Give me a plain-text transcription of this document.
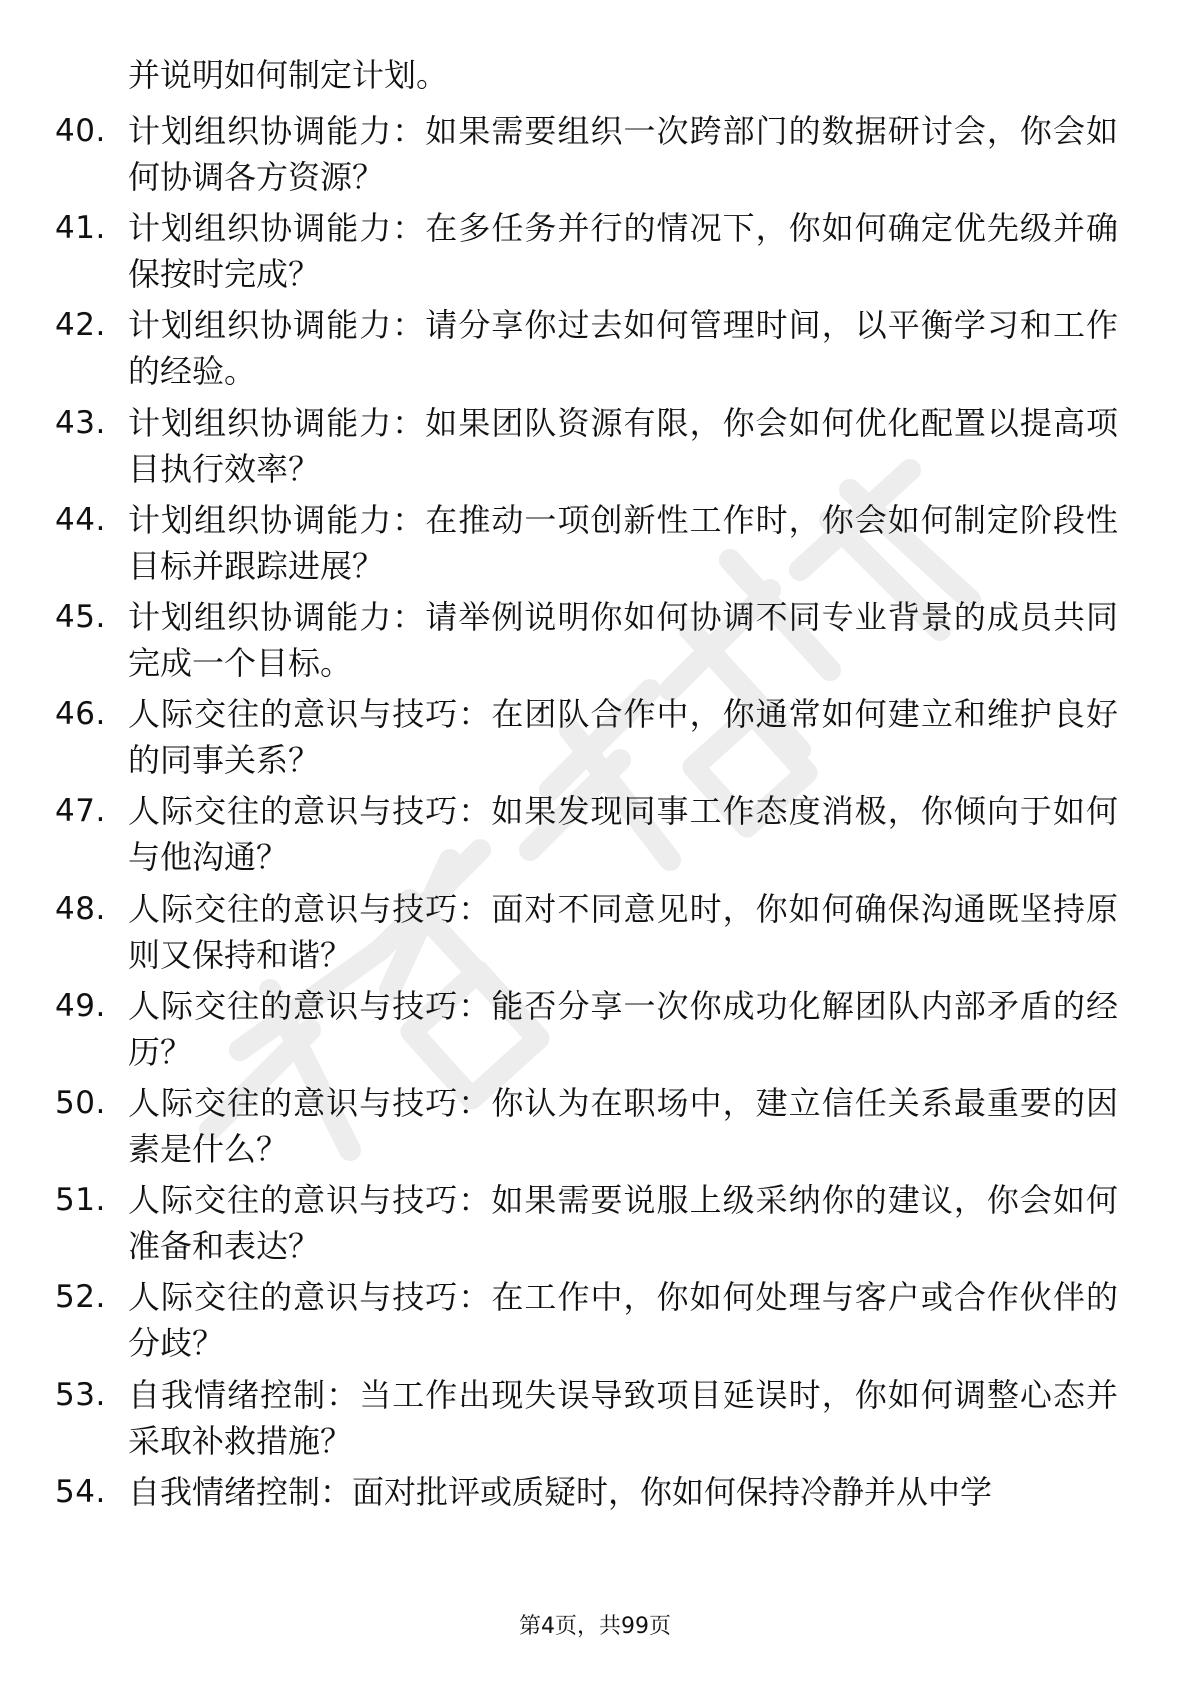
并说明如何制定计划。
40. 计划组织协调能力：如果需要组织一次跨部门的数据研讨会，你会如何协调各方资源？
41. 计划组织协调能力：在多任务并行的情况下，你如何确定优先级并确保按时完成？
42. 计划组织协调能力：请分享你过去如何管理时间，以平衡学习和工作的经验。
43. 计划组织协调能力：如果团队资源有限，你会如何优化配置以提高项目执行效率？
44. 计划组织协调能力：在推动一项创新性工作时，你会如何制定阶段性目标并跟踪进展？
45. 计划组织协调能力：请举例说明你如何协调不同专业背景的成员共同完成一个目标。
46. 人际交往的意识与技巧：在团队合作中，你通常如何建立和维护良好的同事关系？
47. 人际交往的意识与技巧：如果发现同事工作态度消极，你倾向于如何与他沟通？
48. 人际交往的意识与技巧：面对不同意见时，你如何确保沟通既坚持原则又保持和谐？
49. 人际交往的意识与技巧：能否分享一次你成功化解团队内部矛盾的经历？
50. 人际交往的意识与技巧：你认为在职场中，建立信任关系最重要的因素是什么？
51. 人际交往的意识与技巧：如果需要说服上级采纳你的建议，你会如何准备和表达？
52. 人际交往的意识与技巧：在工作中，你如何处理与客户或合作伙伴的分歧？
53. 自我情绪控制：当工作出现失误导致项目延误时，你如何调整心态并采取补救措施？
54. 自我情绪控制：面对批评或质疑时，你如何保持冷静并从中学
第4页，共99页
